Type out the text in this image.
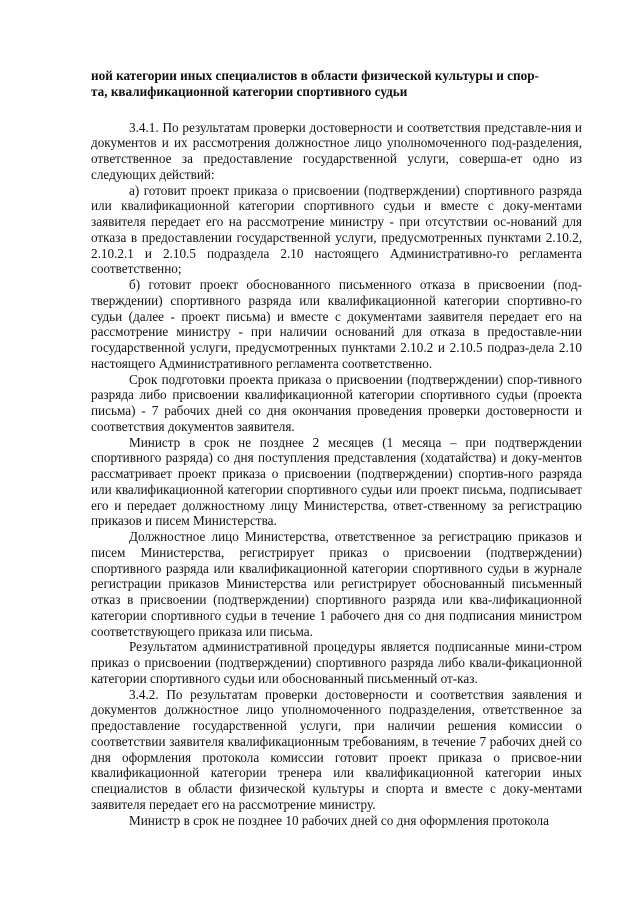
ной категории иных специалистов в области физической культуры и спор-

та, квалификационной категории спортивного судьи

3.4.1. По результатам проверки достоверности и соответствия представле-ния и документов и их рассмотрения должностное лицо уполномоченного под-разделения, ответственное за предоставление государственной услуги, соверша-ет одно из следующих действий:

а) готовит проект приказа о присвоении (подтверждении) спортивного разряда или квалификационной категории спортивного судьи и вместе с доку-ментами заявителя передает его на рассмотрение министру - при отсутствии ос-нований для отказа в предоставлении государственной услуги, предусмотренных пунктами 2.10.2, 2.10.2.1 и 2.10.5 подраздела 2.10 настоящего Административно-го регламента соответственно;

б) готовит проект обоснованного письменного отказа в присвоении (под-тверждении) спортивного разряда или квалификационной категории спортивно-го судьи (далее - проект письма) и вместе с документами заявителя передает его на рассмотрение министру - при наличии оснований для отказа в предоставле-нии государственной услуги, предусмотренных пунктами 2.10.2 и 2.10.5 подраз-дела 2.10 настоящего Административного регламента соответственно.

Срок подготовки проекта приказа о присвоении (подтверждении) спор-тивного разряда либо присвоении квалификационной категории спортивного судьи (проекта письма) - 7 рабочих дней со дня окончания проведения проверки достоверности и соответствия документов заявителя.

Министр в срок не позднее 2 месяцев (1 месяца – при подтверждении спортивного разряда) со дня поступления представления (ходатайства) и доку-ментов рассматривает проект приказа о присвоении (подтверждении) спортив-ного разряда или квалификационной категории спортивного судьи или проект письма, подписывает его и передает должностному лицу Министерства, ответ-ственному за регистрацию приказов и писем Министерства.

Должностное лицо Министерства, ответственное за регистрацию приказов и писем Министерства, регистрирует приказ о присвоении (подтверждении) спортивного разряда или квалификационной категории спортивного судьи в журнале регистрации приказов Министерства или регистрирует обоснованный письменный отказ в присвоении (подтверждении) спортивного разряда или ква-лификационной категории спортивного судьи в течение 1 рабочего дня со дня подписания министром соответствующего приказа или письма.

Результатом административной процедуры является подписанные мини-стром приказ о присвоении (подтверждении) спортивного разряда либо квали-фикационной категории спортивного судьи или обоснованный письменный от-каз.

3.4.2. По результатам проверки достоверности и соответствия заявления и документов должностное лицо уполномоченного подразделения, ответственное за предоставление государственной услуги, при наличии решения комиссии о соответствии заявителя квалификационным требованиям, в течение 7 рабочих дней со дня оформления протокола комиссии готовит проект приказа о присвое-нии квалификационной категории тренера или квалификационной категории иных специалистов в области физической культуры и спорта и вместе с доку-ментами заявителя передает его на рассмотрение министру.

Министр в срок не позднее 10 рабочих дней со дня оформления протокола
